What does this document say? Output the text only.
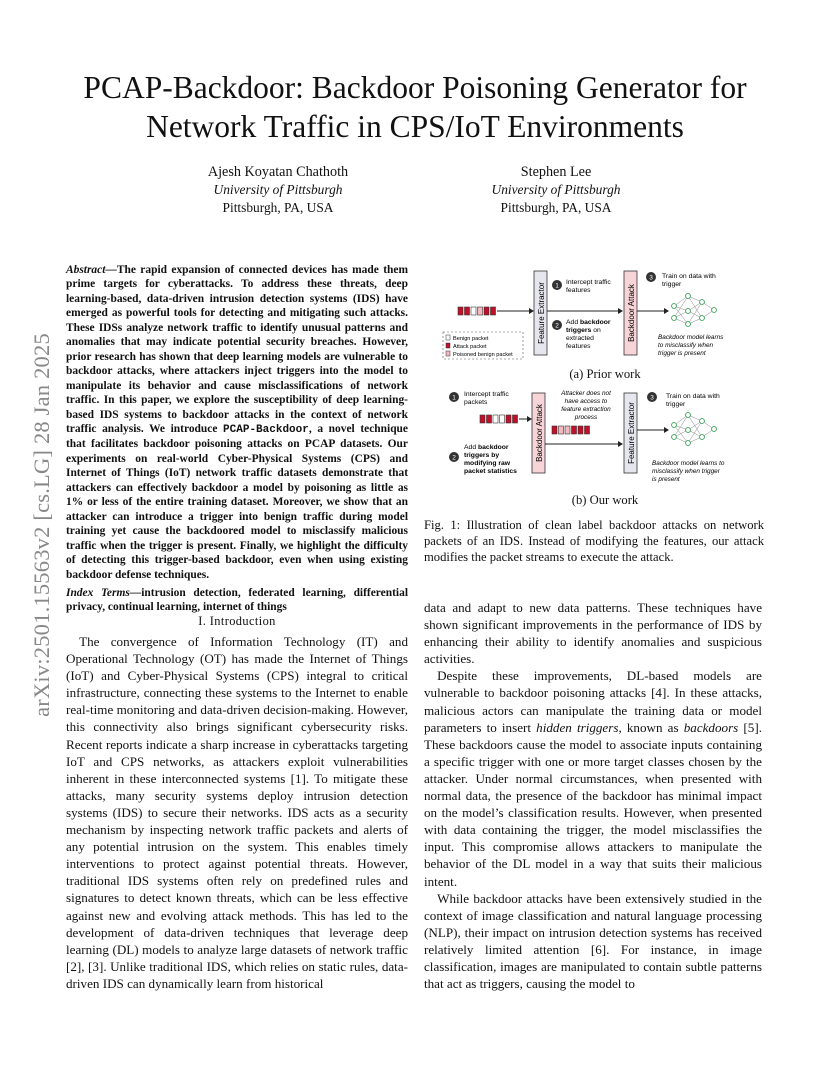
arXiv:2501.15563v2 [cs.LG] 28 Jan 2025
PCAP-Backdoor: Backdoor Poisoning Generator for
Network Traffic in CPS/IoT Environments
Ajesh Koyatan Chathoth
University of Pittsburgh
Pittsburgh, PA, USA
Stephen Lee
University of Pittsburgh
Pittsburgh, PA, USA
Abstract—The rapid expansion of connected devices has made them prime targets for cyberattacks. To address these threats, deep learning-based, data-driven intrusion detection systems (IDS) have emerged as powerful tools for detecting and mitigating such attacks. These IDSs analyze network traffic to identify unusual patterns and anomalies that may indicate potential security breaches. However, prior research has shown that deep learning models are vulnerable to backdoor attacks, where attackers inject triggers into the model to manipulate its behavior and cause misclassifications of network traffic. In this paper, we explore the susceptibility of deep learning-based IDS systems to backdoor attacks in the context of network traffic analysis. We introduce PCAP-Backdoor, a novel technique that facilitates backdoor poisoning attacks on PCAP datasets. Our experiments on real-world Cyber-Physical Systems (CPS) and Internet of Things (IoT) network traffic datasets demonstrate that attackers can effectively backdoor a model by poisoning as little as 1% or less of the entire training dataset. Moreover, we show that an attacker can introduce a trigger into benign traffic during model training yet cause the backdoored model to misclassify malicious traffic when the trigger is present. Finally, we highlight the difficulty of detecting this trigger-based backdoor, even when using existing backdoor defense techniques.
Index Terms—intrusion detection, federated learning, differential privacy, continual learning, internet of things
I. Introduction

The convergence of Information Technology (IT) and Operational Technology (OT) has made the Internet of Things (IoT) and Cyber-Physical Systems (CPS) integral to critical infrastructure, connecting these systems to the Internet to enable real-time monitoring and data-driven decision-making. However, this connectivity also brings significant cybersecurity risks. Recent reports indicate a sharp increase in cyberattacks targeting IoT and CPS networks, as attackers exploit vulnerabilities inherent in these interconnected systems [1]. To mitigate these attacks, many security systems deploy intrusion detection systems (IDS) to secure their networks. IDS acts as a security mechanism by inspecting network traffic packets and alerts of any potential intrusion on the system. This enables timely interventions to protect against potential threats. However, traditional IDS systems often rely on predefined rules and signatures to detect known threats, which can be less effective against new and evolving attack methods. This has led to the development of data-driven techniques that leverage deep learning (DL) models to analyze large datasets of network traffic [2], [3]. Unlike traditional IDS, which relies on static rules, data-driven IDS can dynamically learn from historical

Benign packet
Attack packet
Poisoned benign packet
Feature Extractor 1 Intercept traffic
features
2 Add backdoor
triggers on
extracted
features
Backdoor Attack
3 Train on data with
trigger
Backdoor model learns
to misclassify when
trigger is present
(a) Prior work
1 Intercept traffic
packets
2
Add backdoor
triggers by
modifying raw
packet statistics
Backdoor Attack
Attacker does not
have access to
feature extraction
process	Feature Extractor
3 Train on data with
trigger
Backdoor model learns to
misclassify when trigger
is present
(b) Our work
Fig. 1: Illustration of clean label backdoor attacks on network packets of an IDS. Instead of modifying the features, our attack modifies the packet streams to execute the attack.

data and adapt to new data patterns. These techniques have shown significant improvements in the performance of IDS by enhancing their ability to identify anomalies and suspicious activities.

Despite these improvements, DL-based models are vulnerable to backdoor poisoning attacks [4]. In these attacks, malicious actors can manipulate the training data or model parameters to insert hidden triggers, known as backdoors [5]. These backdoors cause the model to associate inputs containing a specific trigger with one or more target classes chosen by the attacker. Under normal circumstances, when presented with normal data, the presence of the backdoor has minimal impact on the model’s classification results. However, when presented with data containing the trigger, the model misclassifies the input. This compromise allows attackers to manipulate the behavior of the DL model in a way that suits their malicious intent.

While backdoor attacks have been extensively studied in the context of image classification and natural language processing (NLP), their impact on intrusion detection systems has received relatively limited attention [6]. For instance, in image classification, images are manipulated to contain subtle patterns that act as triggers, causing the model to
